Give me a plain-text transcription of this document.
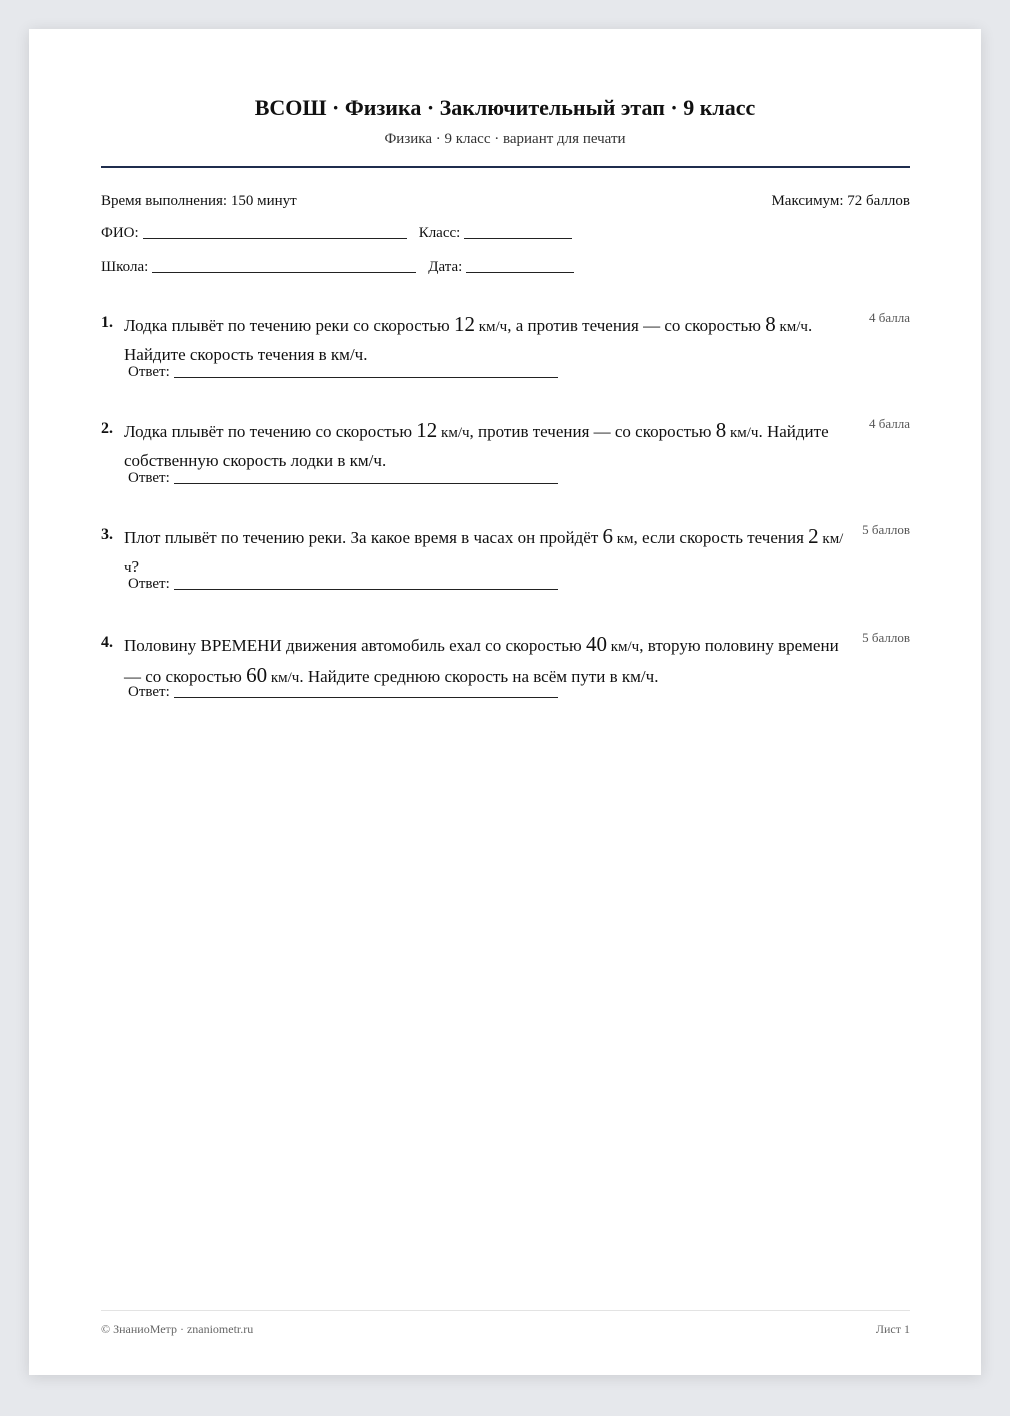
ВСОШ · Физика · Заключительный этап · 9 класс
Физика · 9 класс · вариант для печати
Время выполнения: 150 минут	Максимум: 72 баллов
ФИО:	Класс:
Школа:	Дата:
1. Лодка плывёт по течению реки со скоростью 12 км/ч, а против течения — со скоростью 8 км/ч. Найдите скорость течения в км/ч.
4 балла
Ответ:
2. Лодка плывёт по течению со скоростью 12 км/ч, против течения — со скоростью 8 км/ч. Найдите собственную скорость лодки в км/ч.
4 балла
Ответ:
3. Плот плывёт по течению реки. За какое время в часах он пройдёт 6 км, если скорость течения 2 км/ч?
5 баллов
Ответ:
4. Половину ВРЕМЕНИ движения автомобиль ехал со скоростью 40 км/ч, вторую половину времени — со скоростью 60 км/ч. Найдите среднюю скорость на всём пути в км/ч.
5 баллов
Ответ:
© ЗнаниоМетр · znaniometr.ru	Лист 1
